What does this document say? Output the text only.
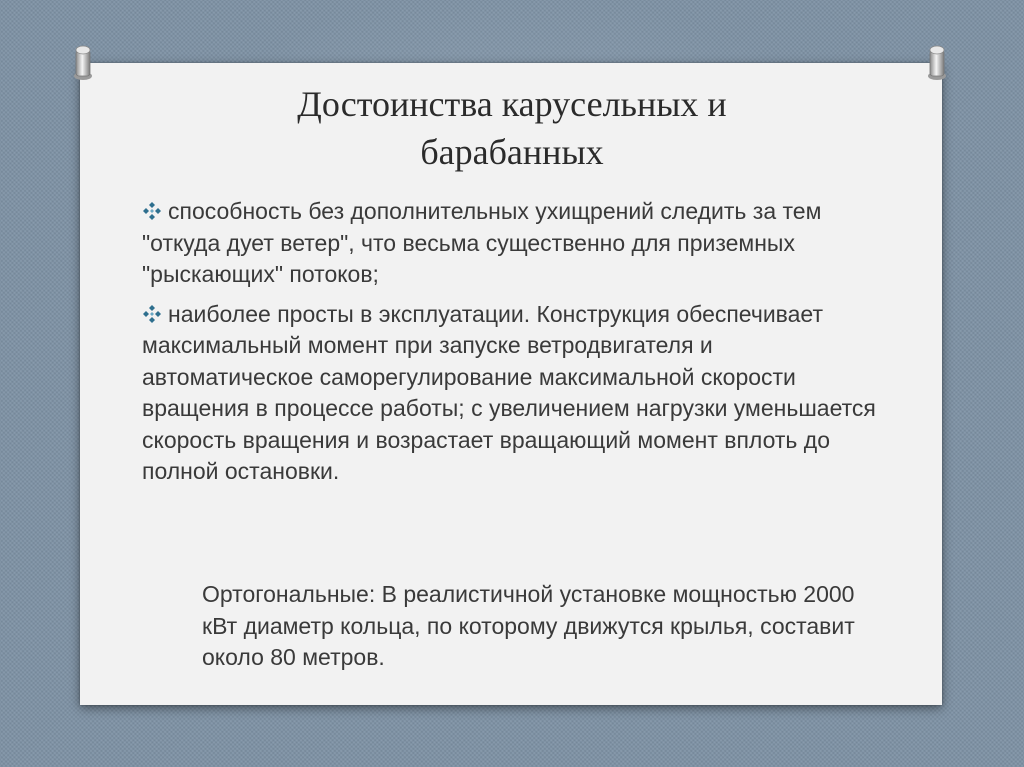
Достоинства карусельных и
барабанных

способность без дополнительных ухищрений следить за тем "откуда дует ветер", что весьма существенно для приземных "рыскающих" потоков;

наиболее просты в эксплуатации. Конструкция обеспечивает максимальный момент при запуске ветродвигателя и автоматическое саморегулирование максимальной скорости вращения в процессе работы; с увеличением нагрузки уменьшается скорость вращения и возрастает вращающий момент вплоть до полной остановки.

Ортогональные: В реалистичной установке мощностью 2000 кВт диаметр кольца, по которому движутся крылья, составит около 80 метров.
